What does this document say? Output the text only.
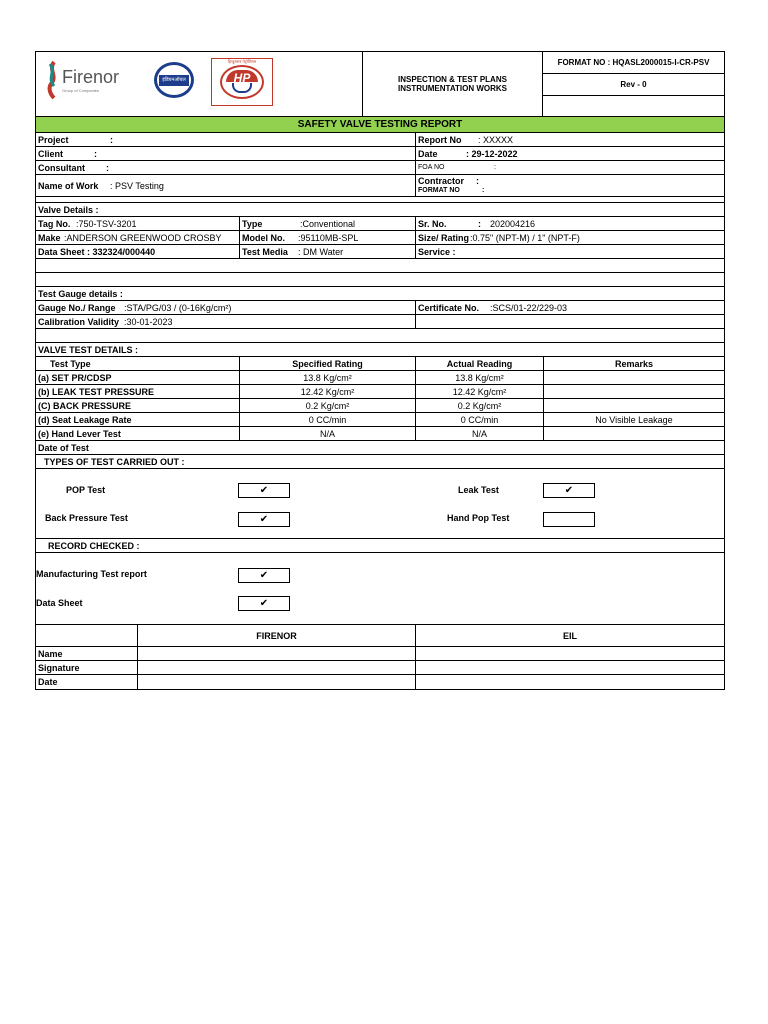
Firenor
Group of Companies
इंडियनऑयल
हिन्दुस्तान पेट्रोलियम
HP	INSPECTION & TEST PLANS
INSTRUMENTATION WORKS
FORMAT NO : HQASL2000015-I-CR-PSV
Rev - 0
SAFETY VALVE TESTING REPORT
Project	:	Report No	: XXXXX
Client	:	Date	: 29-12-2022
Consultant	:	FOA NO	:
Name of Work	: PSV Testing	Contractor :
FORMAT NO	:
Valve Details :
Tag No. :750-TSV-3201	Type	:Conventional	Sr. No.	:	202004216
Make :ANDERSON GREENWOOD CROSBY Model No.	:95110MB-SPL	Size/ Rating :0.75" (NPT-M) / 1" (NPT-F)
Data Sheet : 332324/000440	Test Media	: DM Water	Service :
Test Gauge details :
Gauge No./ Range :STA/PG/03 / (0-16Kg/cm²)	Certificate No.	:SCS/01-22/229-03
Calibration Validity :30-01-2023
VALVE TEST DETAILS :
Test Type	Specified Rating	Actual Reading	Remarks
(a) SET PR/CDSP	13.8 Kg/cm²	13.8 Kg/cm²
(b) LEAK TEST PRESSURE	12.42 Kg/cm²	12.42 Kg/cm²
(C) BACK PRESSURE	0.2 Kg/cm²	0.2 Kg/cm²
(d) Seat Leakage Rate	0 CC/min	0 CC/min	No Visible Leakage
(e) Hand Lever Test	N/A	N/A
Date of Test
TYPES OF TEST CARRIED OUT :
POP Test	✔	Leak Test	✔
Back Pressure Test	✔	Hand Pop Test
RECORD CHECKED :
Manufacturing Test report	✔
Data Sheet	✔
FIRENOR	EIL
Name
Signature
Date
